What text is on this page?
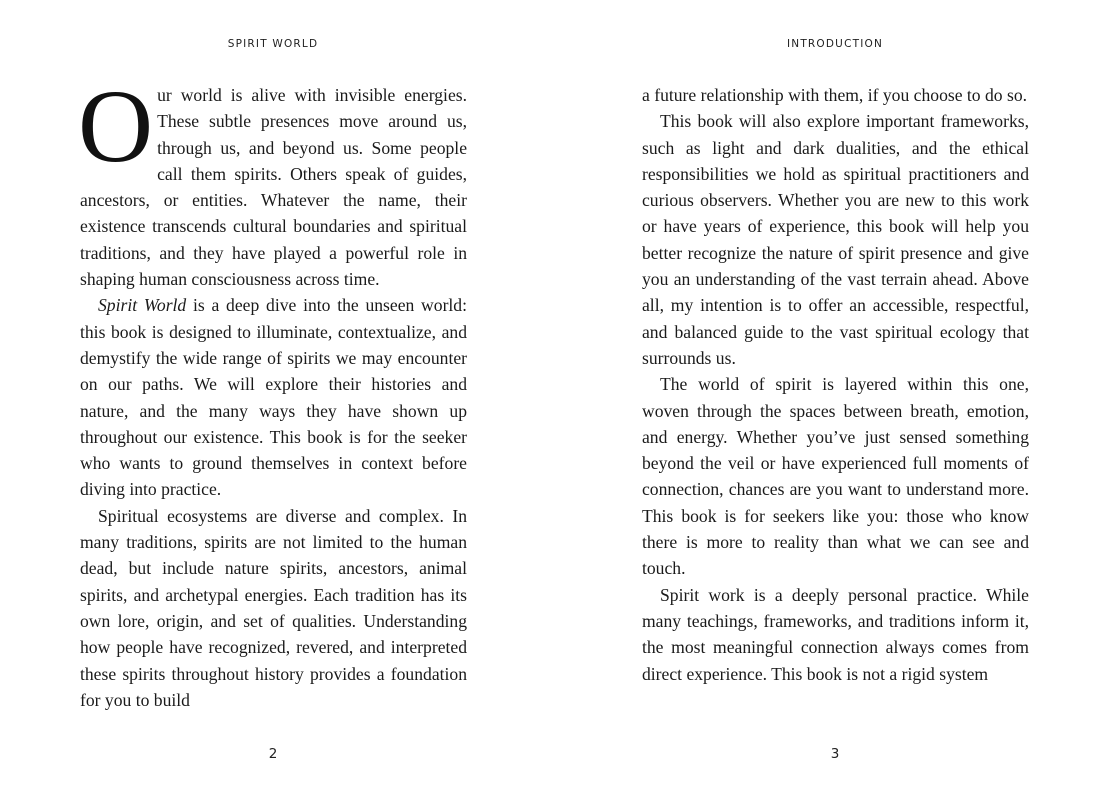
SPIRIT WORLD

Our world is alive with invisible energies. These subtle presences move around us, through us, and beyond us. Some people call them spirits. Others speak of guides, ancestors, or entities. Whatever the name, their existence transcends cultural boundaries and spiritual traditions, and they have played a powerful role in shaping human consciousness across time.

Spirit World is a deep dive into the unseen world: this book is designed to illuminate, contextualize, and demystify the wide range of spirits we may encounter on our paths. We will explore their histories and nature, and the many ways they have shown up throughout our existence. This book is for the seeker who wants to ground themselves in context before diving into practice.

Spiritual ecosystems are diverse and complex. In many traditions, spirits are not limited to the human dead, but include nature spirits, ancestors, animal spirits, and archetypal energies. Each tradition has its own lore, origin, and set of qualities. Understanding how people have recognized, revered, and interpreted these spirits throughout history provides a foundation for you to build

2
INTRODUCTION

a future relationship with them, if you choose to do so.

This book will also explore important frameworks, such as light and dark dualities, and the ethical responsibilities we hold as spiritual practitioners and curious observers. Whether you are new to this work or have years of experience, this book will help you better recognize the nature of spirit presence and give you an understanding of the vast terrain ahead. Above all, my intention is to offer an accessible, respectful, and balanced guide to the vast spiritual ecology that surrounds us.

The world of spirit is layered within this one, woven through the spaces between breath, emotion, and energy. Whether you’ve just sensed something beyond the veil or have experienced full moments of connection, chances are you want to understand more. This book is for seekers like you: those who know there is more to reality than what we can see and touch.

Spirit work is a deeply personal practice. While many teachings, frameworks, and traditions inform it, the most meaningful connection always comes from direct experience. This book is not a rigid system

3
